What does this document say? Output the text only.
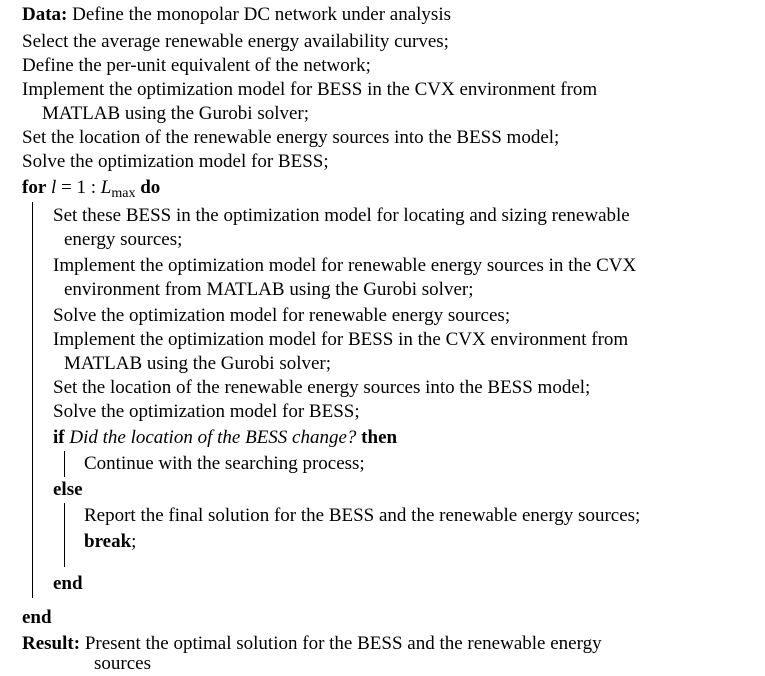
Data: Define the monopolar DC network under analysis
Select the average renewable energy availability curves;
Define the per-unit equivalent of the network;
Implement the optimization model for BESS in the CVX environment from
MATLAB using the Gurobi solver;
Set the location of the renewable energy sources into the BESS model;
Solve the optimization model for BESS;
for l = 1 : $L_{max}$ do
Set these BESS in the optimization model for locating and sizing renewable
energy sources;
Implement the optimization model for renewable energy sources in the CVX
environment from MATLAB using the Gurobi solver;
Solve the optimization model for renewable energy sources;
Implement the optimization model for BESS in the CVX environment from
MATLAB using the Gurobi solver;
Set the location of the renewable energy sources into the BESS model;
Solve the optimization model for BESS;
if Did the location of the BESS change? then
Continue with the searching process;
else
Report the final solution for the BESS and the renewable energy sources;
break;
end
end
Result: Present the optimal solution for the BESS and the renewable energy
sources
